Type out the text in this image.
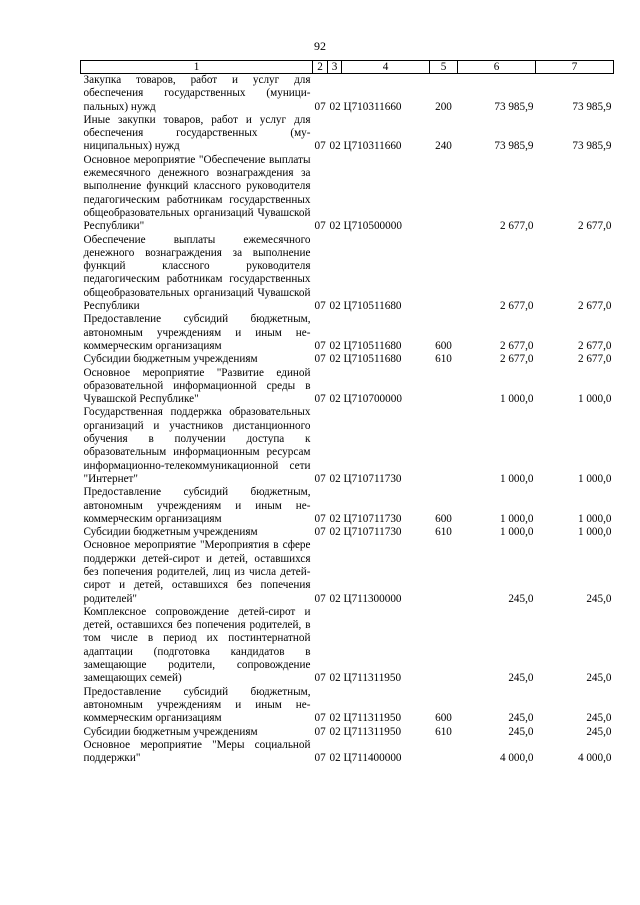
92
1	2	3	4	5	6	7
Закупка товаров, работ и услуг для обеспечения государственных (муниципальных) нужд	07	02	Ц710311660	200	73 985,9	73 985,9
Иные закупки товаров, работ и услуг для обеспечения государственных (муниципальных) нужд	07	02	Ц710311660	240	73 985,9	73 985,9
Основное мероприятие "Обеспечение выплаты ежемесячного денежного вознаграждения за выполнение функций классного руководителя педагогическим работникам государственных общеобразовательных организаций Чувашской Республики"	07	02	Ц710500000		2 677,0	2 677,0
Обеспечение выплаты ежемесячного денежного вознаграждения за выполнение функций классного руководителя педагогическим работникам государственных общеобразовательных организаций Чувашской Республики	07	02	Ц710511680		2 677,0	2 677,0
Предоставление субсидий бюджетным, автономным учреждениям и иным некоммерческим организациям	07	02	Ц710511680	600	2 677,0	2 677,0
Субсидии бюджетным учреждениям	07	02	Ц710511680	610	2 677,0	2 677,0
Основное мероприятие "Развитие единой образовательной информационной среды в Чувашской Республике"	07	02	Ц710700000		1 000,0	1 000,0
Государственная поддержка образовательных организаций и участников дистанционного обучения в получении доступа к образовательным информационным ресурсам информационно-телекоммуникационной сети "Интернет"	07	02	Ц710711730		1 000,0	1 000,0
Предоставление субсидий бюджетным, автономным учреждениям и иным некоммерческим организациям	07	02	Ц710711730	600	1 000,0	1 000,0
Субсидии бюджетным учреждениям	07	02	Ц710711730	610	1 000,0	1 000,0
Основное мероприятие "Мероприятия в сфере поддержки детей-сирот и детей, оставшихся без попечения родителей, лиц из числа детей-сирот и детей, оставшихся без попечения родителей"	07	02	Ц711300000		245,0	245,0
Комплексное сопровождение детей-сирот и детей, оставшихся без попечения родителей, в том числе в период их постинтернатной адаптации (подготовка кандидатов в замещающие родители, сопровождение замещающих семей)	07	02	Ц711311950		245,0	245,0
Предоставление субсидий бюджетным, автономным учреждениям и иным некоммерческим организациям	07	02	Ц711311950	600	245,0	245,0
Субсидии бюджетным учреждениям	07	02	Ц711311950	610	245,0	245,0
Основное мероприятие "Меры социальной поддержки"	07	02	Ц711400000		4 000,0	4 000,0
